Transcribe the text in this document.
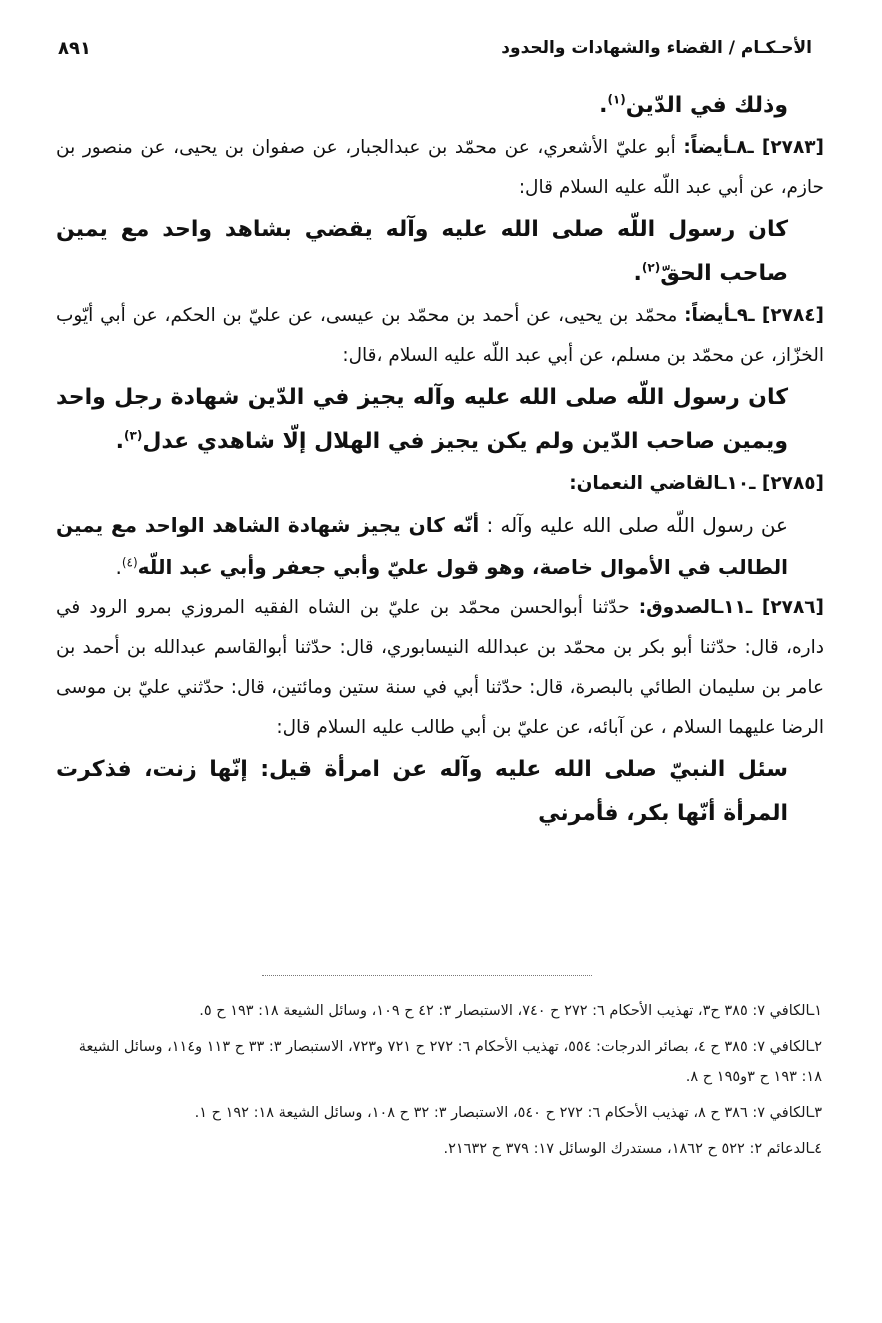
الأحـكـام / القضاء والشهادات والحدود
٨٩١

وذلك في الدّين$^{(١)}$.

[٢٧٨٣] ـ٨ـأيضاً: أبو عليّ الأشعري، عن محمّد بن عبدالجبار، عن صفوان بن يحيى، عن منصور بن حازم، عن أبي عبد اللّه عليه السلام قال:

كان رسول اللّه صلى الله عليه وآله يقضي بشاهد واحد مع يمين صاحب الحقّ$^{(٢)}$.

[٢٧٨٤] ـ٩ـأيضاً: محمّد بن يحيى، عن أحمد بن محمّد بن عيسى، عن عليّ بن الحكم، عن أبي أيّوب الخزّاز، عن محمّد بن مسلم، عن أبي عبد اللّه عليه السلام ،قال:

كان رسول اللّه صلى الله عليه وآله يجيز في الدّين شهادة رجل واحد ويمين صاحب الدّين ولم يكن يجيز في الهلال إلّا شاهدي عدل$^{(٣)}$.

[٢٧٨٥] ـ١٠ـالقاضي النعمان:

عن رسول اللّه صلى الله عليه وآله : أنّه كان يجيز شهادة الشاهد الواحد مع يمين الطالب في الأموال خاصة، وهو قول عليّ وأبي جعفر وأبي عبد اللّه$^{(٤)}$.

[٢٧٨٦] ـ١١ـالصدوق: حدّثنا أبوالحسن محمّد بن عليّ بن الشاه الفقيه المروزي بمرو الرود في داره، قال: حدّثنا أبو بكر بن محمّد بن عبدالله النيسابوري، قال: حدّثنا أبوالقاسم عبدالله بن أحمد بن عامر بن سليمان الطائي بالبصرة، قال: حدّثنا أبي في سنة ستين ومائتين، قال: حدّثني عليّ بن موسى الرضا عليهما السلام ، عن آبائه، عن عليّ بن أبي طالب عليه السلام قال:

سئل النبيّ صلى الله عليه وآله عن امرأة قيل: إنّها زنت، فذكرت المرأة أنّها بكر، فأمرني

١ـالكافي ٧: ٣٨٥ ح٣، تهذيب الأحكام ٦: ٢٧٢ ح ٧٤٠، الاستبصار ٣: ٤٢ ح ١٠٩، وسائل الشيعة ١٨: ١٩٣ ح ٥.

٢ـالكافي ٧: ٣٨٥ ح ٤، بصائر الدرجات: ٥٥٤، تهذيب الأحكام ٦: ٢٧٢ ح ٧٢١ و٧٢٣، الاستبصار ٣: ٣٣ ح ١١٣ و١١٤، وسائل الشيعة ١٨: ١٩٣ ح ٣و١٩٥ ح ٨.

٣ـالكافي ٧: ٣٨٦ ح ٨، تهذيب الأحكام ٦: ٢٧٢ ح ٥٤٠، الاستبصار ٣: ٣٢ ح ١٠٨، وسائل الشيعة ١٨: ١٩٢ ح ١.

٤ـالدعائم ٢: ٥٢٢ ح ١٨٦٢، مستدرك الوسائل ١٧: ٣٧٩ ح ٢١٦٣٢.
